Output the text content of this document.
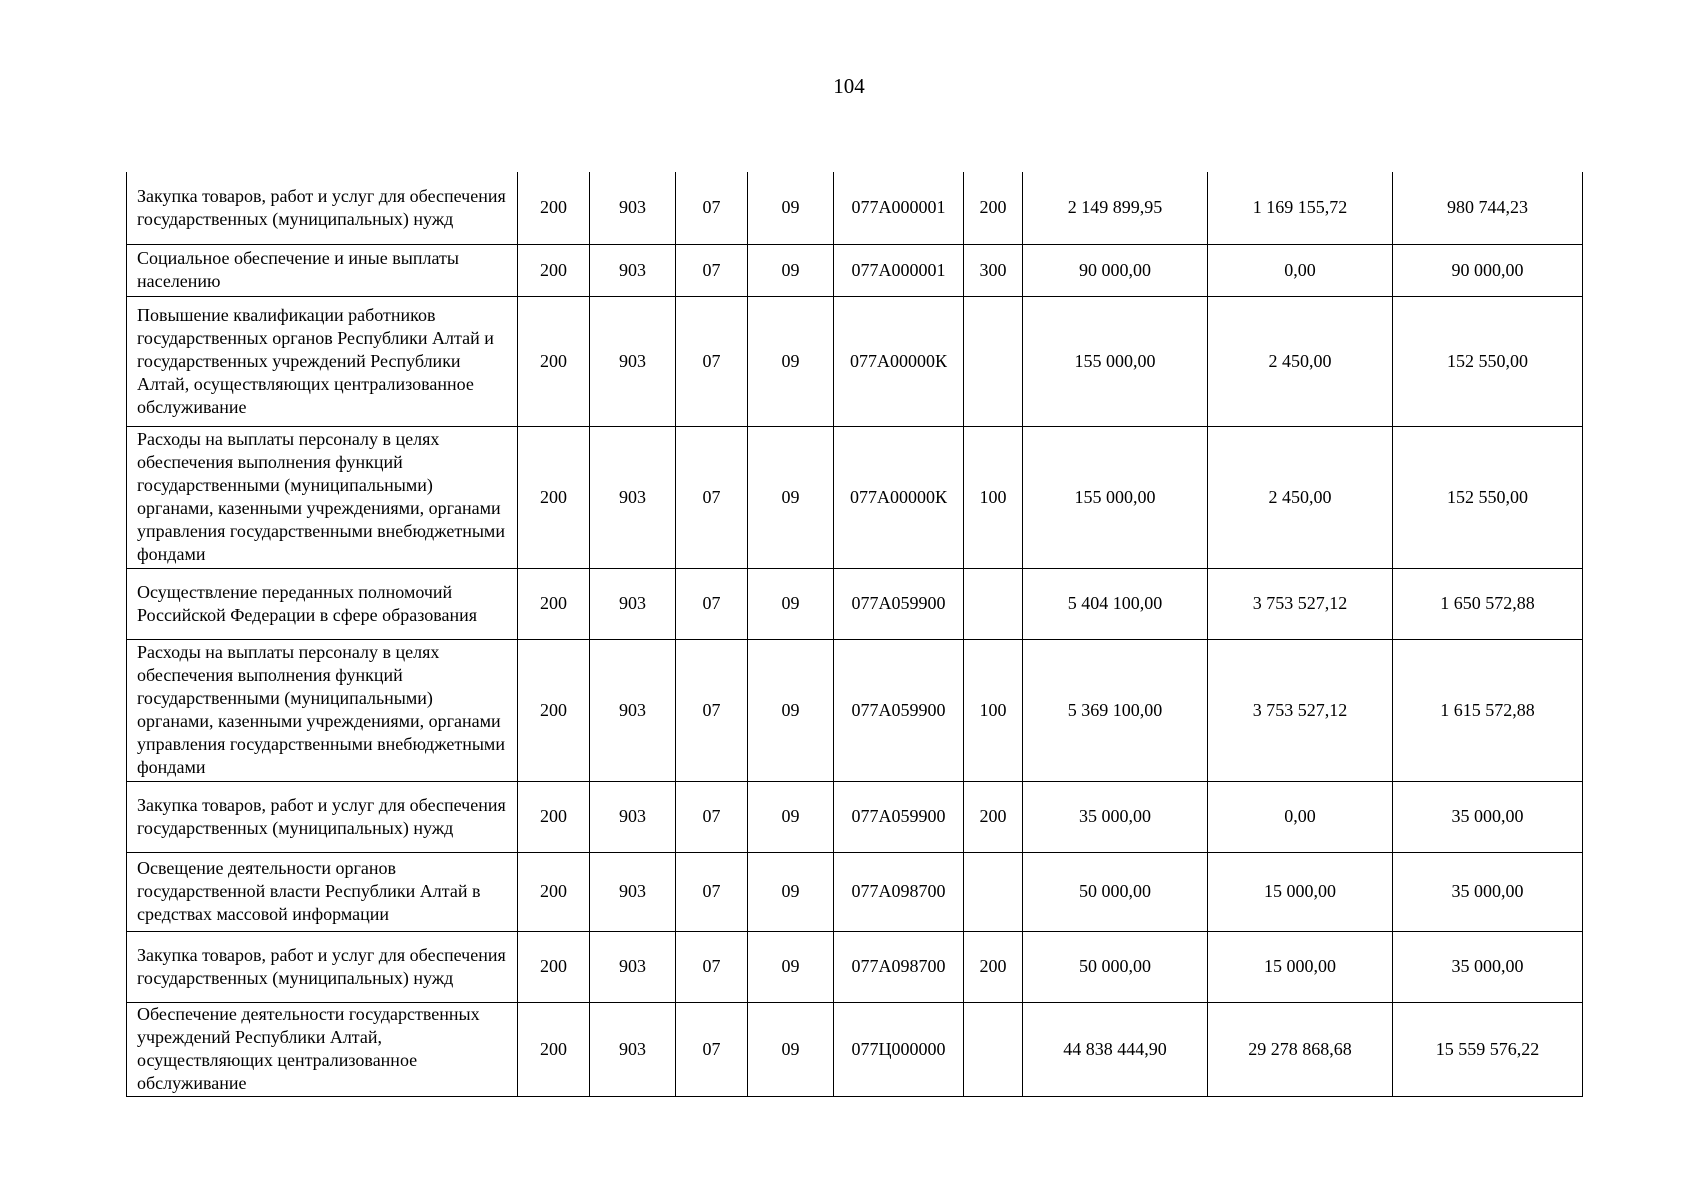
104
Закупка товаров, работ и услуг для обеспечения государственных (муниципальных) нужд	200	903	07	09	077А000001	200	2 149 899,95	1 169 155,72	980 744,23
Социальное обеспечение и иные выплаты населению	200	903	07	09	077А000001	300	90 000,00	0,00	90 000,00
Повышение квалификации работников государственных органов Республики Алтай и государственных учреждений Республики Алтай, осуществляющих централизованное обслуживание	200	903	07	09	077А00000К		155 000,00	2 450,00	152 550,00
Расходы на выплаты персоналу в целях обеспечения выполнения функций государственными (муниципальными) органами, казенными учреждениями, органами управления государственными внебюджетными фондами	200	903	07	09	077А00000К	100	155 000,00	2 450,00	152 550,00
Осуществление переданных полномочий Российской Федерации в сфере образования	200	903	07	09	077А059900		5 404 100,00	3 753 527,12	1 650 572,88
Расходы на выплаты персоналу в целях обеспечения выполнения функций государственными (муниципальными) органами, казенными учреждениями, органами управления государственными внебюджетными фондами	200	903	07	09	077А059900	100	5 369 100,00	3 753 527,12	1 615 572,88
Закупка товаров, работ и услуг для обеспечения государственных (муниципальных) нужд	200	903	07	09	077А059900	200	35 000,00	0,00	35 000,00
Освещение деятельности органов государственной власти Республики Алтай в средствах массовой информации	200	903	07	09	077А098700		50 000,00	15 000,00	35 000,00
Закупка товаров, работ и услуг для обеспечения государственных (муниципальных) нужд	200	903	07	09	077А098700	200	50 000,00	15 000,00	35 000,00
Обеспечение деятельности государственных учреждений Республики Алтай, осуществляющих централизованное обслуживание	200	903	07	09	077Ц000000		44 838 444,90	29 278 868,68	15 559 576,22
